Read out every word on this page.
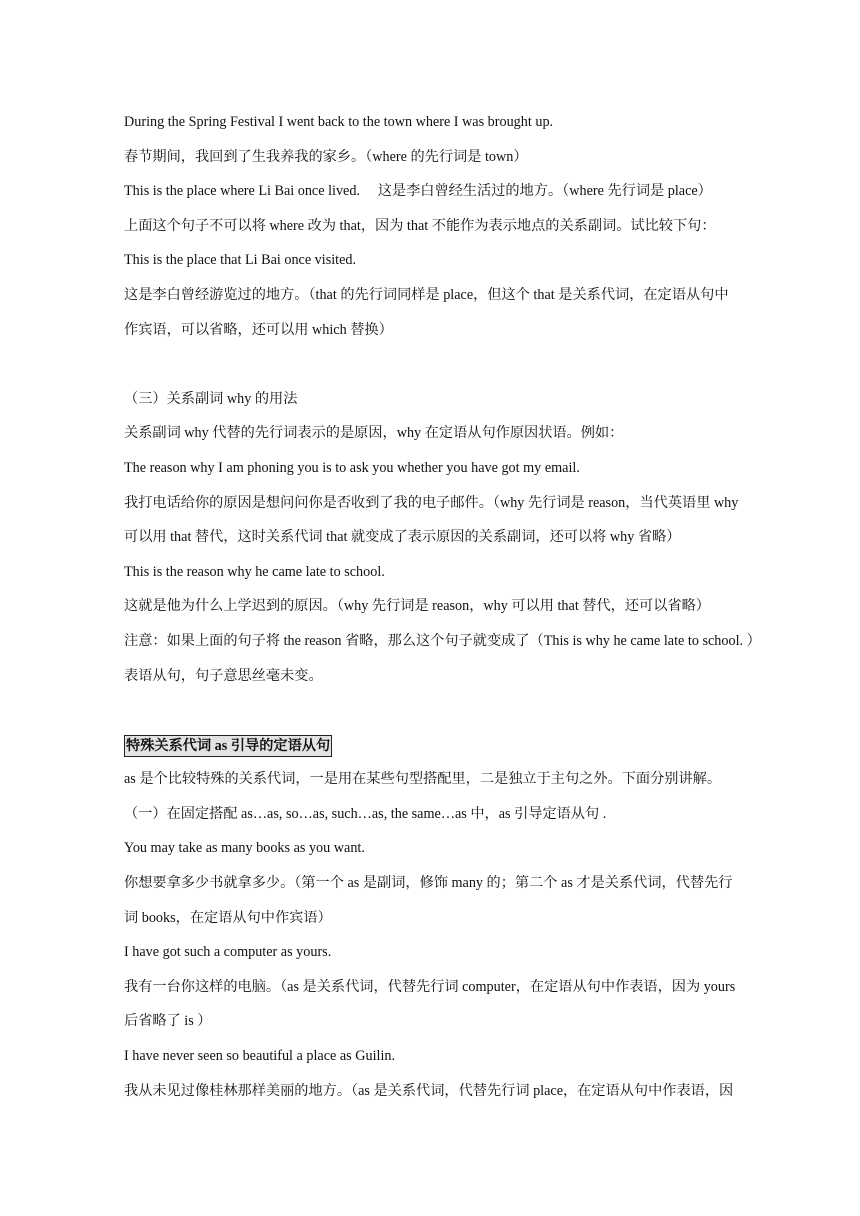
During the Spring Festival I went back to the town where I was brought up.
春节期间，我回到了生我养我的家乡。（where 的先行词是 town）
This is the place where Li Bai once lived.     这是李白曾经生活过的地方。（where 先行词是 place）
上面这个句子不可以将 where 改为 that，因为 that 不能作为表示地点的关系副词。试比较下句：
This is the place that Li Bai once visited.
这是李白曾经游览过的地方。（that 的先行词同样是 place，但这个 that 是关系代词，在定语从句中
作宾语，可以省略，还可以用 which 替换）
（三）关系副词 why 的用法
关系副词 why 代替的先行词表示的是原因，why 在定语从句作原因状语。例如：
The reason why I am phoning you is to ask you whether you have got my email.
我打电话给你的原因是想问问你是否收到了我的电子邮件。（why 先行词是 reason，当代英语里 why
可以用 that 替代，这时关系代词 that 就变成了表示原因的关系副词，还可以将 why 省略）
This is the reason why he came late to school.
这就是他为什么上学迟到的原因。（why 先行词是 reason，why 可以用 that 替代，还可以省略）
注意：如果上面的句子将 the reason 省略，那么这个句子就变成了（This is why he came late to school. ）
表语从句，句子意思丝毫未变。
特殊关系代词 as 引导的定语从句
as 是个比较特殊的关系代词，一是用在某些句型搭配里，二是独立于主句之外。下面分别讲解。
（一）在固定搭配 as…as, so…as, such…as, the same…as 中，as 引导定语从句 .
You may take as many books as you want.
你想要拿多少书就拿多少。（第一个 as 是副词，修饰 many 的；第二个 as 才是关系代词，代替先行
词 books，在定语从句中作宾语）
I have got such a computer as yours.
我有一台你这样的电脑。（as 是关系代词，代替先行词 computer，在定语从句中作表语，因为 yours
后省略了 is ）
I have never seen so beautiful a place as Guilin.
我从未见过像桂林那样美丽的地方。（as 是关系代词，代替先行词 place，在定语从句中作表语，因
